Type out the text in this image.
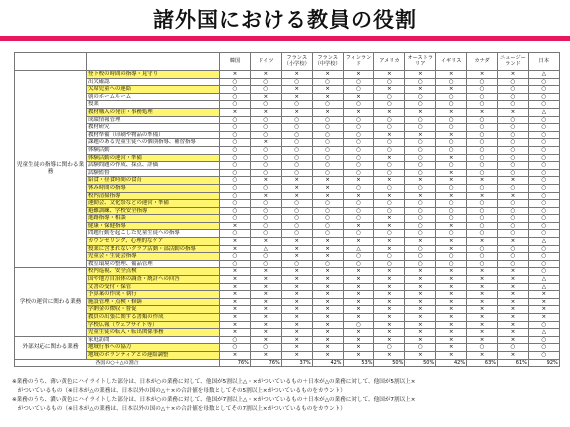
諸外国における教員の役割
		韓国	ドイツ	フランス（小学校）	フランス（中学校）	フィンランド	アメリカ	オーストラリア	イギリス	カナダ	ニュージーランド	日本
児童生徒の指導に関わる業務	登下校の時間の指導・見守り	×	×	×	×	×	×	×	×	×	×	△
	出欠確認	○	○	○	○	○	○	○	○	○	○	○
	欠席児童への連絡	○	○	×	×	○	×	×	×	○	○	○
	朝のホームルーム	○	×	×	×	×	○	○	○	○	○	○
	授業	○	○	○	○	○	○	○	○	○	○	○
	教材購入の発注・事務処理	×	×	×	×	×	×	×	×	×	×	△
	成績情報管理	○	○	○	○	○	○	○	○	○	○	○
	教材研究	○	○	○	○	○	○	○	○	○	○	○
	教材準備（印刷や物品の準備）	○	○	○	○	○	×	×	×	○	○	○
	課題のある児童生徒への個別指導、補習指導	○	×	○	○	○	○	○	○	○	○	○
	体験活動	○	○	○	○	○	○	○	○	○	○	○
	体験活動の運営・準備	○	○	○	○	○	×	○	×	○	○	○
	試験問題の作成、採点、評価	○	○	○	○	○	○	○	○	○	○	○
	試験監督	○	○	○	○	○	○	○	×	○	○	○
	給食・昼食時間の食育	○	×	×	×	×	×	×	×	×	×	○
	休み時間の指導	○	○	×	×	○	○	○	○	○	○	○
	校内清掃指導	○	×	×	×	×	×	×	×	×	×	○
	運動会、文化祭などの運営・準備	○	○	○	○	○	○	○	○	○	○	○
	避難訓練、学校安全指導	○	○	○	○	○	○	○	○	○	○	○
	進路指導・相談	○	○	○	○	○	×	○	○	○	○	○
	健康・保健指導	×	○	○	○	×	×	○	×	○	○	○
	問題行動を起こした児童生徒への指導	○	○	○	○	○	○	○	○	○	○	○
	カウンセリング、心理的なケア	×	×	×	×	×	×	×	×	×	×	△
	授業に含まれないクラブ活動・部活動の指導	×	△	×	×	△	×	○	×	○	○	○
	児童会・生徒会指導	○	○	×	×	○	○	○	○	○	○	○
	教室環境の整理、備品管理	○	○	○	○	○	○	○	○	○	○	○
学校の運営に関わる業務	校内巡視、安全点検	×	×	×	×	×	×	×	×	×	×	○
	国や地方自治体の調査・統計への回答	×	×	×	×	×	×	×	×	×	×	△
	文書の受付・保管	×	×	×	×	×	×	×	×	×	×	△
	予算案の作成・執行	×	×	×	×	×	×	×	×	×	×	×
	施設管理・点検・修繕	×	×	×	×	×	×	×	×	×	×	×
	学納金の徴収・督促	×	×	×	×	×	×	×	×	×	×	×
	教員の出張に関する書類の作成	×	×	×	×	×	×	×	×	×	×	×
	学校広報（ウェブサイト等）	×	×	×	×	○	×	×	×	×	×	○
	児童生徒の転入・転出関係事務	×	×	×	×	×	×	×	×	×	×	△
外部対応に関わる業務	家庭訪問	○	×	×	×	×	×	×	×	×	×	○
	地域行事への協力	○	○	×	×	×	○	○	×	○	○	○
	地域のボランティアとの連絡調整	×	×	×	×	×	×	×	×	×	×	○
各国の○＋△の割合		76%	76%	37%	42%	53%	50%	50%	42%	63%	61%	92%
※業務のうち、薄い黄色にハイライトした部分は、日本が○の業務に対して、他国が5割以上△・×がついているもの＋日本が△の業務に対して、他国が5割以上×
　がついているもの（※日本が△の業務は、日本以外の国の△＋×の合計値を母数としてその5割以上×がついているものをカウント）
※業務のうち、濃い黄色にハイライトした部分は、日本が○の業務に対して、他国が7割以上△・×がついているもの＋日本が△の業務に対して、他国が7割以上×
　がついているもの（※日本が△の業務は、日本以外の国の△＋×の合計値を母数としてその7割以上×がついているものをカウント）
